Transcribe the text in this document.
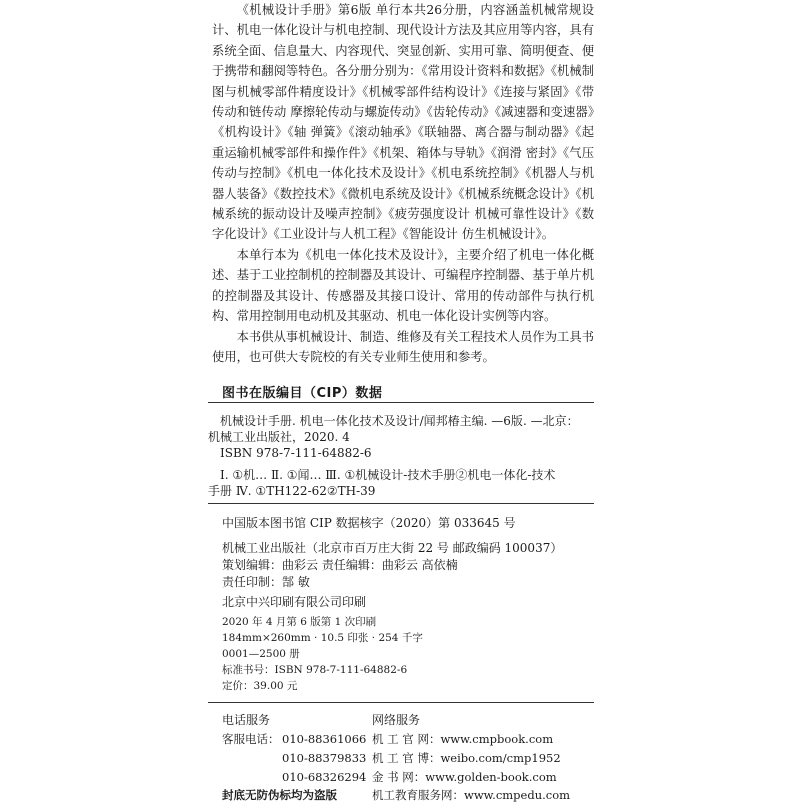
《机械设计手册》第6版 单行本共26分册，内容涵盖机械常规设计、机电一体化设计与机电控制、现代设计方法及其应用等内容，具有系统全面、信息量大、内容现代、突显创新、实用可靠、简明便查、便于携带和翻阅等特色。各分册分别为：《常用设计资料和数据》《机械制图与机械零部件精度设计》《机械零部件结构设计》《连接与紧固》《带传动和链传动 摩擦轮传动与螺旋传动》《齿轮传动》《减速器和变速器》《机构设计》《轴 弹簧》《滚动轴承》《联轴器、离合器与制动器》《起重运输机械零部件和操作件》《机架、箱体与导轨》《润滑 密封》《气压传动与控制》《机电一体化技术及设计》《机电系统控制》《机器人与机器人装备》《数控技术》《微机电系统及设计》《机械系统概念设计》《机械系统的振动设计及噪声控制》《疲劳强度设计 机械可靠性设计》《数字化设计》《工业设计与人机工程》《智能设计 仿生机械设计》。

本单行本为《机电一体化技术及设计》，主要介绍了机电一体化概述、基于工业控制机的控制器及其设计、可编程序控制器、基于单片机的控制器及其设计、传感器及其接口设计、常用的传动部件与执行机构、常用控制用电动机及其驱动、机电一体化设计实例等内容。

本书供从事机械设计、制造、维修及有关工程技术人员作为工具书使用，也可供大专院校的有关专业师生使用和参考。

图书在版编目（CIP）数据
机械设计手册. 机电一体化技术及设计/闻邦椿主编. —6版. —北京：
机械工业出版社，2020. 4
ISBN 978-7-111-64882-6
Ⅰ. ①机… Ⅱ. ①闻… Ⅲ. ①机械设计-技术手册②机电一体化-技术
手册 Ⅳ. ①TH122-62②TH-39
中国版本图书馆 CIP 数据核字（2020）第 033645 号
机械工业出版社（北京市百万庄大街 22 号 邮政编码 100037）
策划编辑：曲彩云 责任编辑：曲彩云 高依楠
责任印制：郜 敏
北京中兴印刷有限公司印刷
2020 年 4 月第 6 版第 1 次印刷
184mm×260mm · 10.5 印张 · 254 千字
0001—2500 册
标准书号：ISBN 978-7-111-64882-6
定价：39.00 元
电话服务	网络服务
客服电话： 010-88361066
010-88379833
010-68326294
封底无防伪标均为盗版
机 工 官 网：www.cmpbook.com
机 工 官 博：weibo.com/cmp1952
金 书 网：www.golden-book.com
机工教育服务网：www.cmpedu.com
